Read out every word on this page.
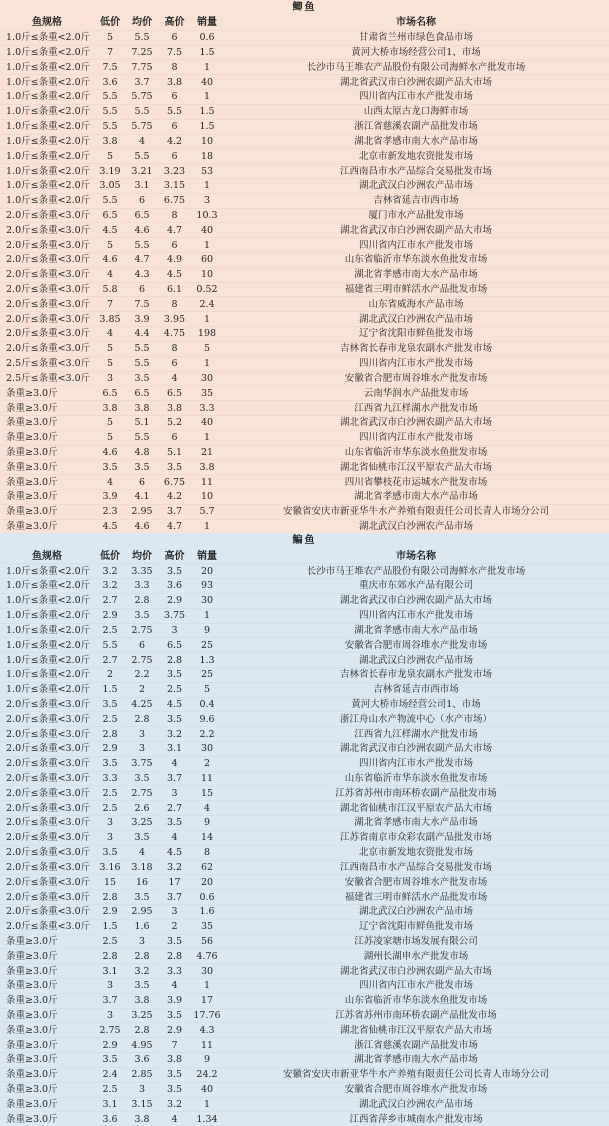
鲫鱼
鱼规格	低价	均价	高价	销量	市场名称
1.0斤≤条重<2.0斤	5	5.5	6	0.6	甘肃省兰州市绿色食品市场
1.0斤≤条重<2.0斤	7	7.25	7.5	1.5	黄河大桥市场经营公司1、市场
1.0斤≤条重<2.0斤	7.5	7.75	8	1	长沙市马王堆农产品股份有限公司海鲜水产批发市场
1.0斤≤条重<2.0斤	3.6	3.7	3.8	40	湖北省武汉市白沙洲农副产品大市场
1.0斤≤条重<2.0斤	5.5	5.75	6	1	四川省内江市水产批发市场
1.0斤≤条重<2.0斤	5.5	5.5	5.5	1.5	山西太原古龙口海鲜市场
1.0斤≤条重<2.0斤	5.5	5.75	6	1.5	浙江省慈溪农副产品批发市场
1.0斤≤条重<2.0斤	3.8	4	4.2	10	湖北省孝感市南大水产品市场
1.0斤≤条重<2.0斤	5	5.5	6	18	北京市新发地农资批发市场
1.0斤≤条重<2.0斤	3.19	3.21	3.23	53	江西南昌市水产品综合交易批发市场
1.0斤≤条重<2.0斤	3.05	3.1	3.15	1	湖北武汉白沙洲农产品市场
1.0斤≤条重<2.0斤	5.5	6	6.75	3	吉林省延吉市西市场
2.0斤≤条重<3.0斤	6.5	6.5	8	10.3	厦门市水产品批发市场
2.0斤≤条重<3.0斤	4.5	4.6	4.7	40	湖北省武汉市白沙洲农副产品大市场
2.0斤≤条重<3.0斤	5	5.5	6	1	四川省内江市水产批发市场
2.0斤≤条重<3.0斤	4.6	4.7	4.9	60	山东省临沂市华东淡水鱼批发市场
2.0斤≤条重<3.0斤	4	4.3	4.5	10	湖北省孝感市南大水产品市场
2.0斤≤条重<3.0斤	5.8	6	6.1	0.52	福建省三明市鲜活水产品批发市场
2.0斤≤条重<3.0斤	7	7.5	8	2.4	山东省威海水产品市场
2.0斤≤条重<3.0斤	3.85	3.9	3.95	1	湖北武汉白沙洲农产品市场
2.0斤≤条重<3.0斤	4	4.4	4.75	198	辽宁省沈阳市鲜鱼批发市场
2.0斤≤条重<3.0斤	5	5.5	8	5	吉林省长春市龙泉农副水产批发市场
2.5斤≤条重<3.0斤	5	5.5	6	1	四川省内江市水产批发市场
2.5斤≤条重<3.0斤	3	3.5	4	30	安徽省合肥市周谷堆水产批发市场
条重≥3.0斤	6.5	6.5	6.5	35	云南华润水产品批发市场
条重≥3.0斤	3.8	3.8	3.8	3.3	江西省九江样湖水产批发市场
条重≥3.0斤	5	5.1	5.2	40	湖北省武汉市白沙洲农副产品大市场
条重≥3.0斤	5	5.5	6	1	四川省内江市水产批发市场
条重≥3.0斤	4.6	4.8	5.1	21	山东省临沂市华东淡水鱼批发市场
条重≥3.0斤	3.5	3.5	3.5	3.8	湖北省仙桃市江汉平原农产品大市场
条重≥3.0斤	4	6	6.75	11	四川省攀枝花市运城水产批发市场
条重≥3.0斤	3.9	4.1	4.2	10	湖北省孝感市南大水产品市场
条重≥3.0斤	2.3	2.95	3.7	5.7	安徽省安庆市新亚华牛水产养殖有限责任公司长青人市场分公司
条重≥3.0斤	4.5	4.6	4.7	1	湖北武汉白沙洲农产品市场
鳊鱼
鱼规格	低价	均价	高价	销量	市场名称
1.0斤≤条重<2.0斤	3.2	3.35	3.5	20	长沙市马王堆农产品股份有限公司海鲜水产批发市场
1.0斤≤条重<2.0斤	3.2	3.3	3.6	93	重庆市东郊水产品有限公司
1.0斤≤条重<2.0斤	2.7	2.8	2.9	30	湖北省武汉市白沙洲农副产品大市场
1.0斤≤条重<2.0斤	2.9	3.5	3.75	1	四川省内江市水产批发市场
1.0斤≤条重<2.0斤	2.5	2.75	3	9	湖北省孝感市南大水产品市场
1.0斤≤条重<2.0斤	5.5	6	6.5	25	安徽省合肥市周谷堆水产批发市场
1.0斤≤条重<2.0斤	2.7	2.75	2.8	1.3	湖北武汉白沙洲农产品市场
1.0斤≤条重<2.0斤	2	2.2	3.5	25	吉林省长春市龙泉农副水产批发市场
1.0斤≤条重<2.0斤	1.5	2	2.5	5	吉林省延吉市西市场
2.0斤≤条重<3.0斤	3.5	4.25	4.5	0.4	黄河大桥市场经营公司1、市场
2.0斤≤条重<3.0斤	2.5	2.8	3.5	9.6	浙江舟山水产物流中心（水产市场）
2.0斤≤条重<3.0斤	2.8	3	3.2	2.2	江西省九江样湖水产批发市场
2.0斤≤条重<3.0斤	2.9	3	3.1	30	湖北省武汉市白沙洲农副产品大市场
2.0斤≤条重<3.0斤	3.5	3.75	4	2	四川省内江市水产批发市场
2.0斤≤条重<3.0斤	3.3	3.5	3.7	11	山东省临沂市华东淡水鱼批发市场
2.0斤≤条重<3.0斤	2.5	2.75	3	15	江苏省苏州市南环桥农副产品批发市场
2.0斤≤条重<3.0斤	2.5	2.6	2.7	4	湖北省仙桃市江汉平原农产品大市场
2.0斤≤条重<3.0斤	3	3.25	3.5	9	湖北省孝感市南大水产品市场
2.0斤≤条重<3.0斤	3	3.5	4	14	江苏省南京市众彩农副产品批发市场
2.0斤≤条重<3.0斤	3.5	4	4.5	8	北京市新发地农资批发市场
2.0斤≤条重<3.0斤	3.16	3.18	3.2	62	江西南昌市水产品综合交易批发市场
2.0斤≤条重<3.0斤	15	16	17	20	安徽省合肥市周谷堆水产批发市场
2.0斤≤条重<3.0斤	2.8	3.5	3.7	0.6	福建省三明市鲜活水产品批发市场
2.0斤≤条重<3.0斤	2.9	2.95	3	1.6	湖北武汉白沙洲农产品市场
2.0斤≤条重<3.0斤	1.5	1.6	2	35	辽宁省沈阳市鲜鱼批发市场
条重≥3.0斤	2.5	3	3.5	56	江苏凌家塘市场发展有限公司
条重≥3.0斤	2.8	2.8	2.8	4.76	湖州长湖申水产批发市场
条重≥3.0斤	3.1	3.2	3.3	30	湖北省武汉市白沙洲农副产品大市场
条重≥3.0斤	3	3.5	4	1	四川省内江市水产批发市场
条重≥3.0斤	3.7	3.8	3.9	17	山东省临沂市华东淡水鱼批发市场
条重≥3.0斤	3	3.25	3.5	17.76	江苏省苏州市南环桥农副产品批发市场
条重≥3.0斤	2.75	2.8	2.9	4.3	湖北省仙桃市江汉平原农产品大市场
条重≥3.0斤	2.9	4.95	7	11	浙江省慈溪农副产品批发市场
条重≥3.0斤	3.5	3.6	3.8	9	湖北省孝感市南大水产品市场
条重≥3.0斤	2.4	2.85	3.5	24.2	安徽省安庆市新亚华牛水产养殖有限责任公司长青人市场分公司
条重≥3.0斤	2.5	3	3.5	40	安徽省合肥市周谷堆水产批发市场
条重≥3.0斤	3.1	3.15	3.2	1	湖北武汉白沙洲农产品市场
条重≥3.0斤	3.6	3.8	4	1.34	江西省萍乡市城南水产批发市场
